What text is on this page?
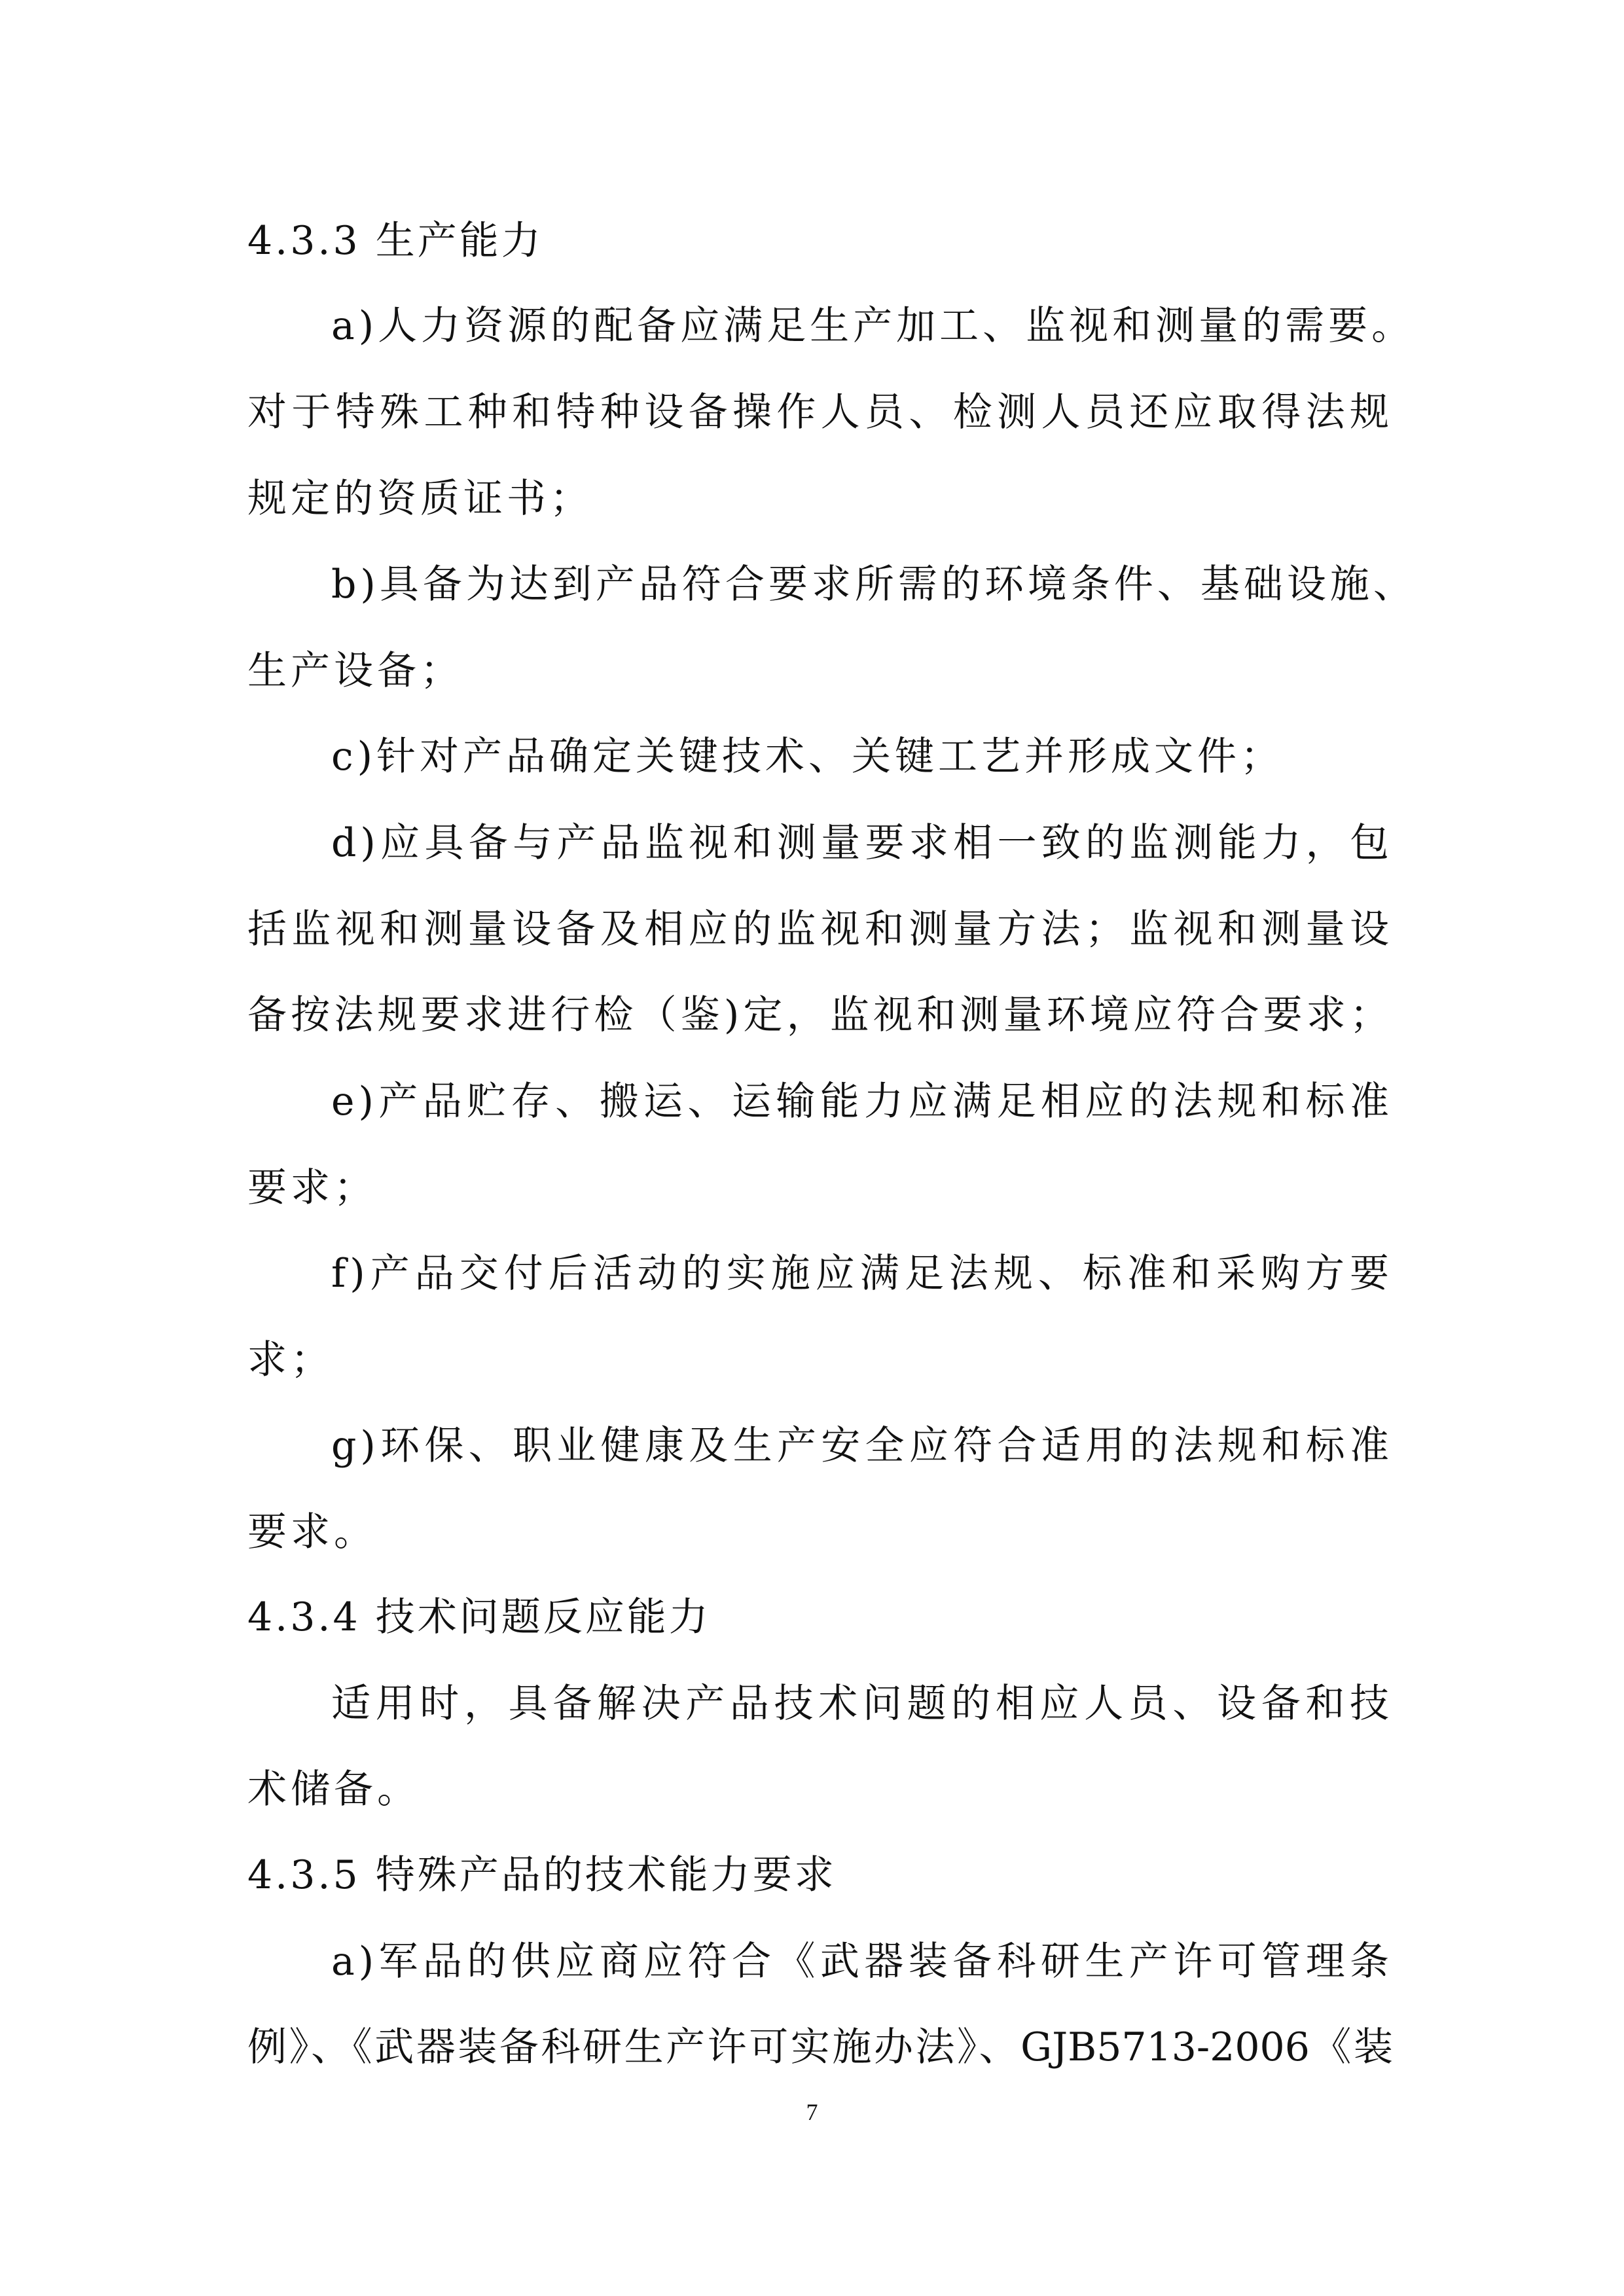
4.3.3 生产能力
a)人力资源的配备应满足生产加工、监视和测量的需要。
对于特殊工种和特种设备操作人员、检测人员还应取得法规
规定的资质证书；
b)具备为达到产品符合要求所需的环境条件、基础设施、
生产设备；
c)针对产品确定关键技术、关键工艺并形成文件；
d)应具备与产品监视和测量要求相一致的监测能力，包
括监视和测量设备及相应的监视和测量方法；监视和测量设
备按法规要求进行检（鉴)定，监视和测量环境应符合要求；
e)产品贮存、搬运、运输能力应满足相应的法规和标准
要求；
f)产品交付后活动的实施应满足法规、标准和采购方要
求；
g)环保、职业健康及生产安全应符合适用的法规和标准
要求。
4.3.4 技术问题反应能力
适用时，具备解决产品技术问题的相应人员、设备和技
术储备。
4.3.5 特殊产品的技术能力要求
a)军品的供应商应符合《武器装备科研生产许可管理条
例》、《武器装备科研生产许可实施办法》、GJB5713-2006《装
7
